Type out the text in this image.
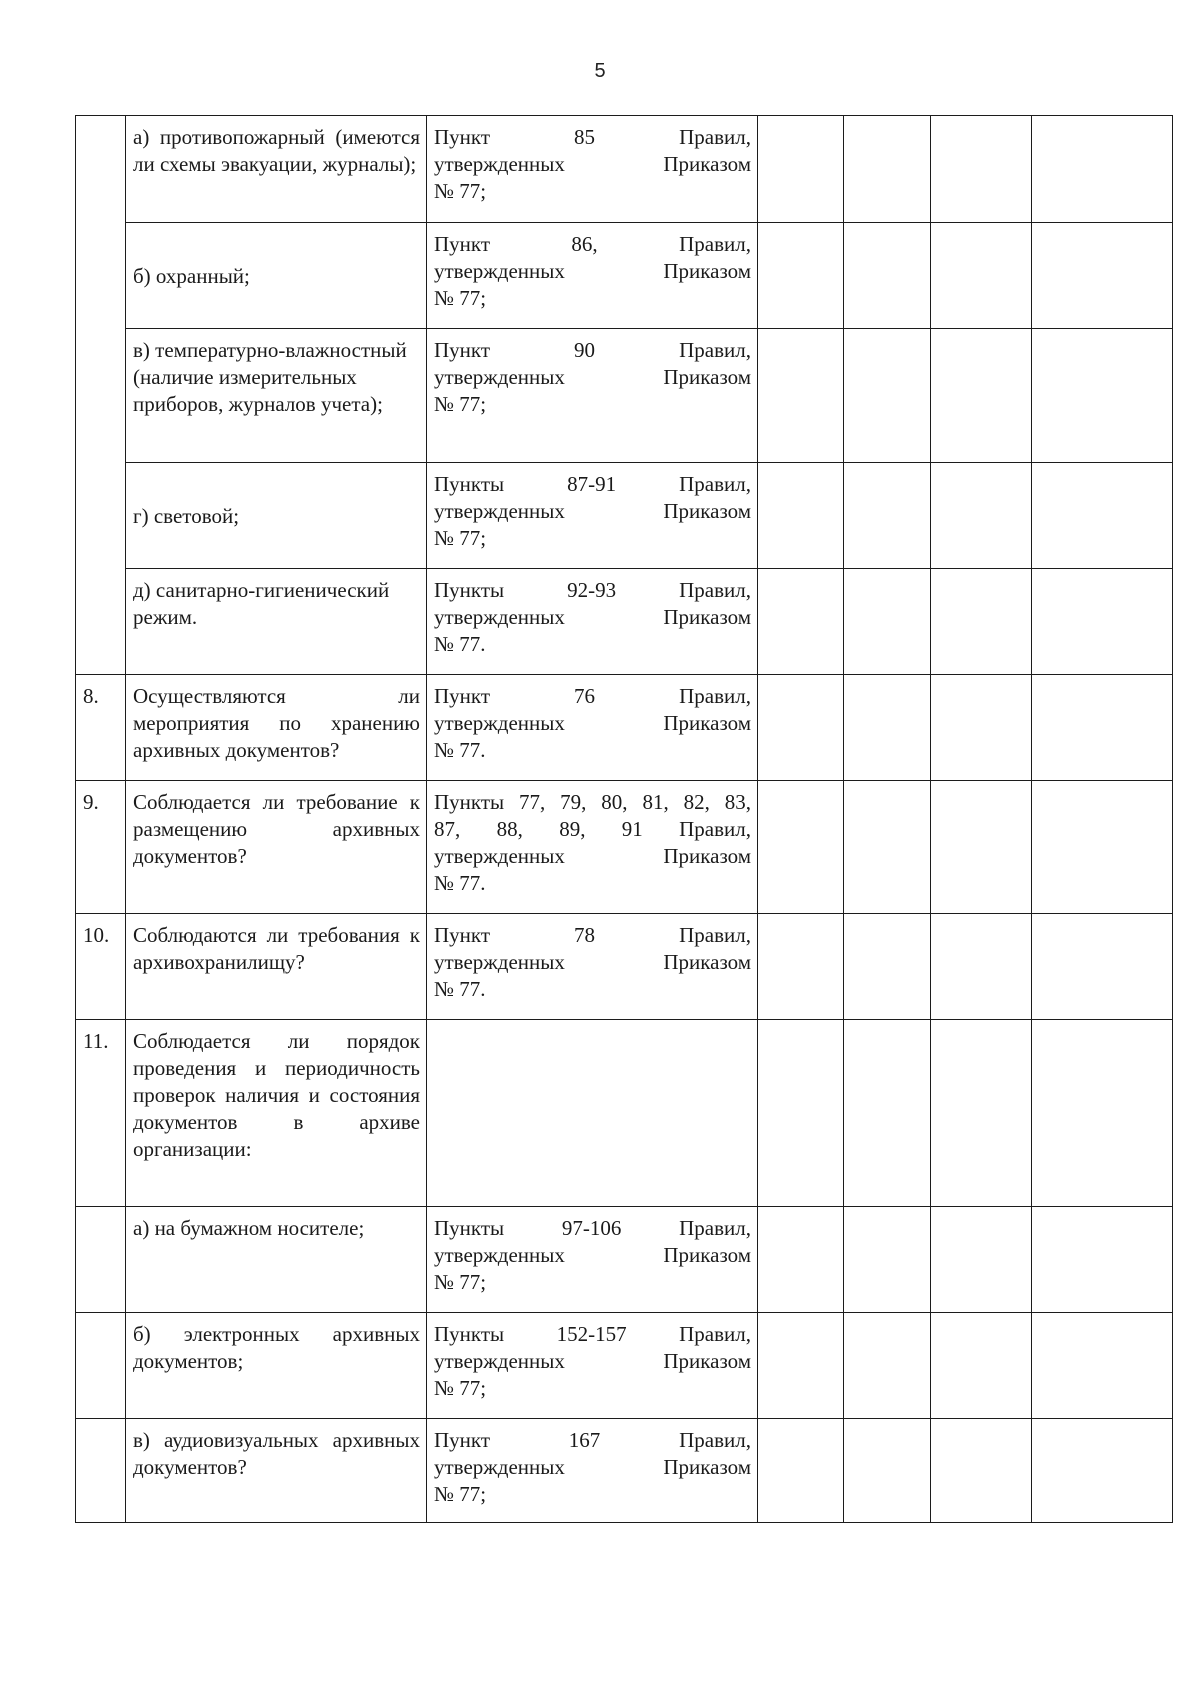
5
	а) противопожарный (имеются ли схемы эвакуации, журналы);	Пункт 85 Правил,
утвержденных Приказом
№ 77;				

	б) охранный;	Пункт 86, Правил,
утвержденных Приказом
№ 77;				

	в) температурно-влажностный (наличие измерительных приборов, журналов учета);	Пункт 90 Правил,
утвержденных Приказом
№ 77;				

	г) световой;	Пункты 87-91 Правил,
утвержденных Приказом
№ 77;				

	д) санитарно-гигиенический режим.	Пункты 92-93 Правил,
утвержденных Приказом
№ 77.				

8.	Осуществляются ли мероприятия по хранению архивных документов?	Пункт 76 Правил,
утвержденных Приказом
№ 77.				

9.	Соблюдается ли требование к размещению архивных документов?	Пункты 77, 79, 80, 81, 82, 83,
87, 88, 89, 91 Правил,
утвержденных Приказом
№ 77.				

10.	Соблюдаются ли требования к архивохранилищу?	Пункт 78 Правил,
утвержденных Приказом
№ 77.				

11.	Соблюдается ли порядок проведения и периодичность проверок наличия и состояния документов в архиве организации:					
	а) на бумажном носителе;	Пункты 97-106 Правил,
утвержденных Приказом
№ 77;				

	б) электронных архивных документов;	Пункты 152-157 Правил,
утвержденных Приказом
№ 77;				

	в) аудиовизуальных архивных документов?	Пункт 167 Правил,
утвержденных Приказом
№ 77;				
